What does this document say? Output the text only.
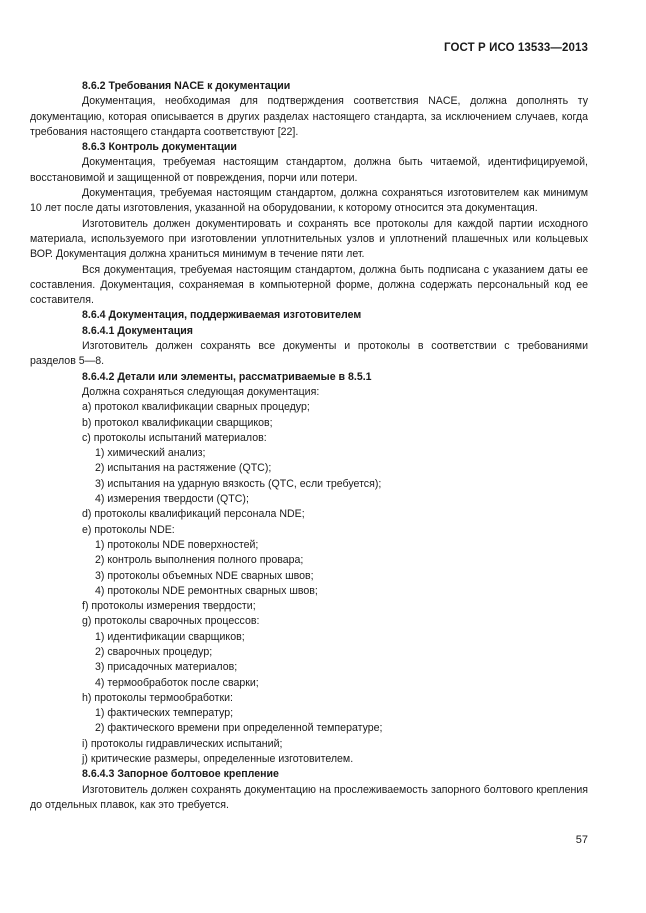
ГОСТ Р ИСО 13533—2013

8.6.2 Требования NACE к документации

Документация, необходимая для подтверждения соответствия NACE, должна дополнять ту документацию, которая описывается в других разделах настоящего стандарта, за исключением случаев, когда требования настоящего стандарта соответствуют [22].

8.6.3 Контроль документации

Документация, требуемая настоящим стандартом, должна быть читаемой, идентифицируемой, восстановимой и защищенной от повреждения, порчи или потери.

Документация, требуемая настоящим стандартом, должна сохраняться изготовителем как минимум 10 лет после даты изготовления, указанной на оборудовании, к которому относится эта документация.

Изготовитель должен документировать и сохранять все протоколы для каждой партии исходного материала, используемого при изготовлении уплотнительных узлов и уплотнений плашечных или кольцевых ВОР. Документация должна храниться минимум в течение пяти лет.

Вся документация, требуемая настоящим стандартом, должна быть подписана с указанием даты ее составления. Документация, сохраняемая в компьютерной форме, должна содержать персональный код ее составителя.

8.6.4 Документация, поддерживаемая изготовителем

8.6.4.1 Документация

Изготовитель должен сохранять все документы и протоколы в соответствии с требованиями разделов 5—8.

8.6.4.2 Детали или элементы, рассматриваемые в 8.5.1

Должна сохраняться следующая документация:

a) протокол квалификации сварных процедур;

b) протокол квалификации сварщиков;

c) протоколы испытаний материалов:

1) химический анализ;

2) испытания на растяжение (QTC);

3) испытания на ударную вязкость (QTC, если требуется);

4) измерения твердости (QTC);

d) протоколы квалификаций персонала NDE;

e) протоколы NDE:

1) протоколы NDE поверхностей;

2) контроль выполнения полного провара;

3) протоколы объемных NDE сварных швов;

4) протоколы NDE ремонтных сварных швов;

f) протоколы измерения твердости;

g) протоколы сварочных процессов:

1) идентификации сварщиков;

2) сварочных процедур;

3) присадочных материалов;

4) термообработок после сварки;

h) протоколы термообработки:

1) фактических температур;

2) фактического времени при определенной температуре;

i) протоколы гидравлических испытаний;

j) критические размеры, определенные изготовителем.

8.6.4.3 Запорное болтовое крепление

Изготовитель должен сохранять документацию на прослеживаемость запорного болтового крепления до отдельных плавок, как это требуется.

57
